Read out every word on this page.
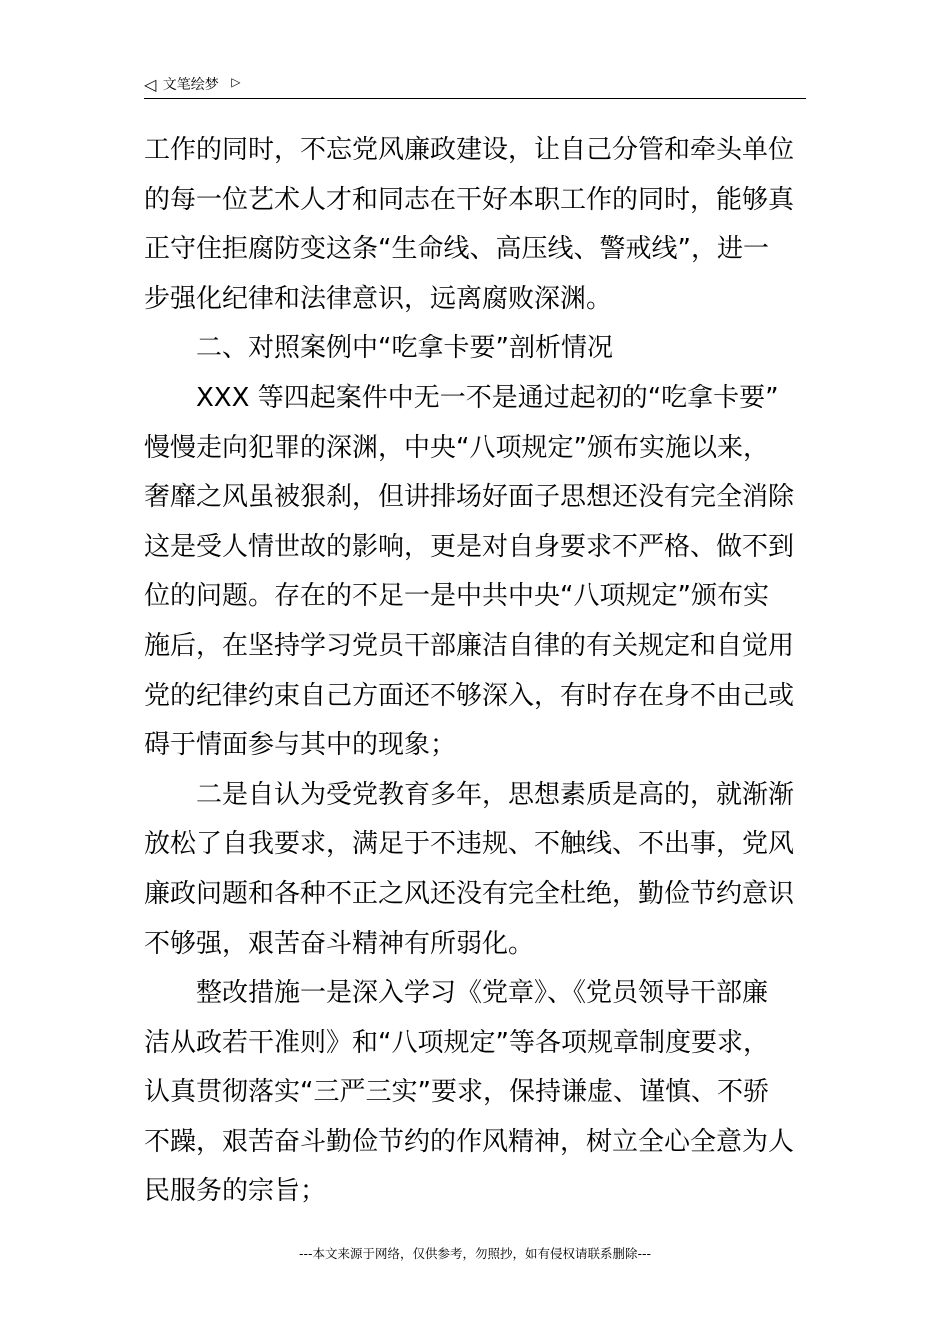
◁ 文笔绘梦 ▷

工作的同时，不忘党风廉政建设，让自己分管和牵头单位
的每一位艺术人才和同志在干好本职工作的同时，能够真
正守住拒腐防变这条“生命线、高压线、警戒线”，进一
步强化纪律和法律意识，远离腐败深渊。

二、对照案例中“吃拿卡要”剖析情况

XXX 等四起案件中无一不是通过起初的“吃拿卡要”
慢慢走向犯罪的深渊，中央“八项规定”颁布实施以来，
奢靡之风虽被狠刹，但讲排场好面子思想还没有完全消除
这是受人情世故的影响，更是对自身要求不严格、做不到
位的问题。存在的不足一是中共中央“八项规定”颁布实
施后，在坚持学习党员干部廉洁自律的有关规定和自觉用
党的纪律约束自己方面还不够深入，有时存在身不由己或
碍于情面参与其中的现象；

二是自认为受党教育多年，思想素质是高的，就渐渐
放松了自我要求，满足于不违规、不触线、不出事，党风
廉政问题和各种不正之风还没有完全杜绝，勤俭节约意识
不够强，艰苦奋斗精神有所弱化。

整改措施一是深入学习《党章》、《党员领导干部廉
洁从政若干准则》和“八项规定”等各项规章制度要求，
认真贯彻落实“三严三实”要求，保持谦虚、谨慎、不骄
不躁，艰苦奋斗勤俭节约的作风精神，树立全心全意为人
民服务的宗旨；

---本文来源于网络，仅供参考，勿照抄，如有侵权请联系删除---
